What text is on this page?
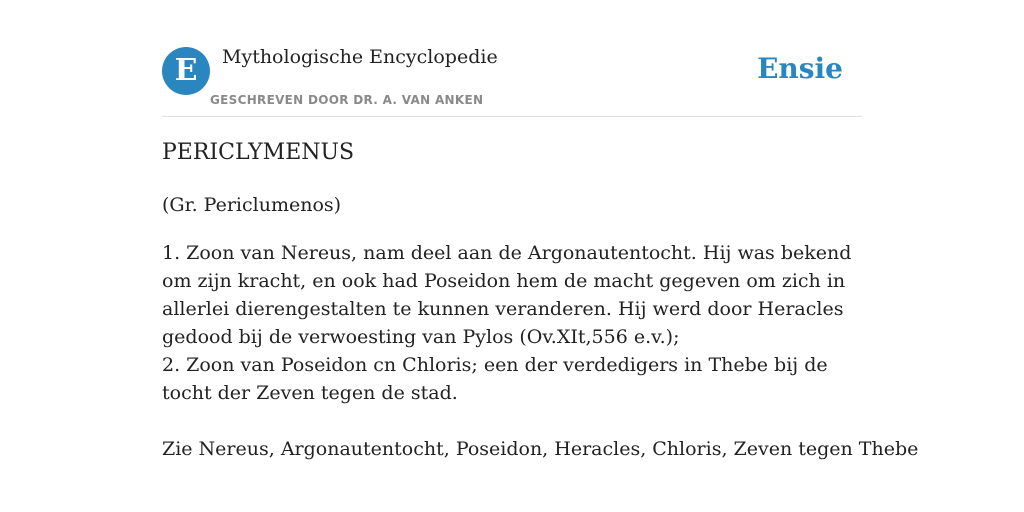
E	Mythologische Encyclopedie
GESCHREVEN DOOR DR. A. VAN ANKEN
Ensie
PERICLYMENUS
(Gr. Periclumenos)

1. Zoon van Nereus, nam deel aan de Argonautentocht. Hij was bekend om zijn kracht, en ook had Poseidon hem de macht gegeven om zich in allerlei dierengestalten te kunnen veranderen. Hij werd door Heracles gedood bij de verwoesting van Pylos (Ov.XIt,556 e.v.);

2. Zoon van Poseidon cn Chloris; een der verdedigers in Thebe bij de tocht der Zeven tegen de stad.

Zie Nereus, Argonautentocht, Poseidon, Heracles, Chloris, Zeven tegen Thebe
